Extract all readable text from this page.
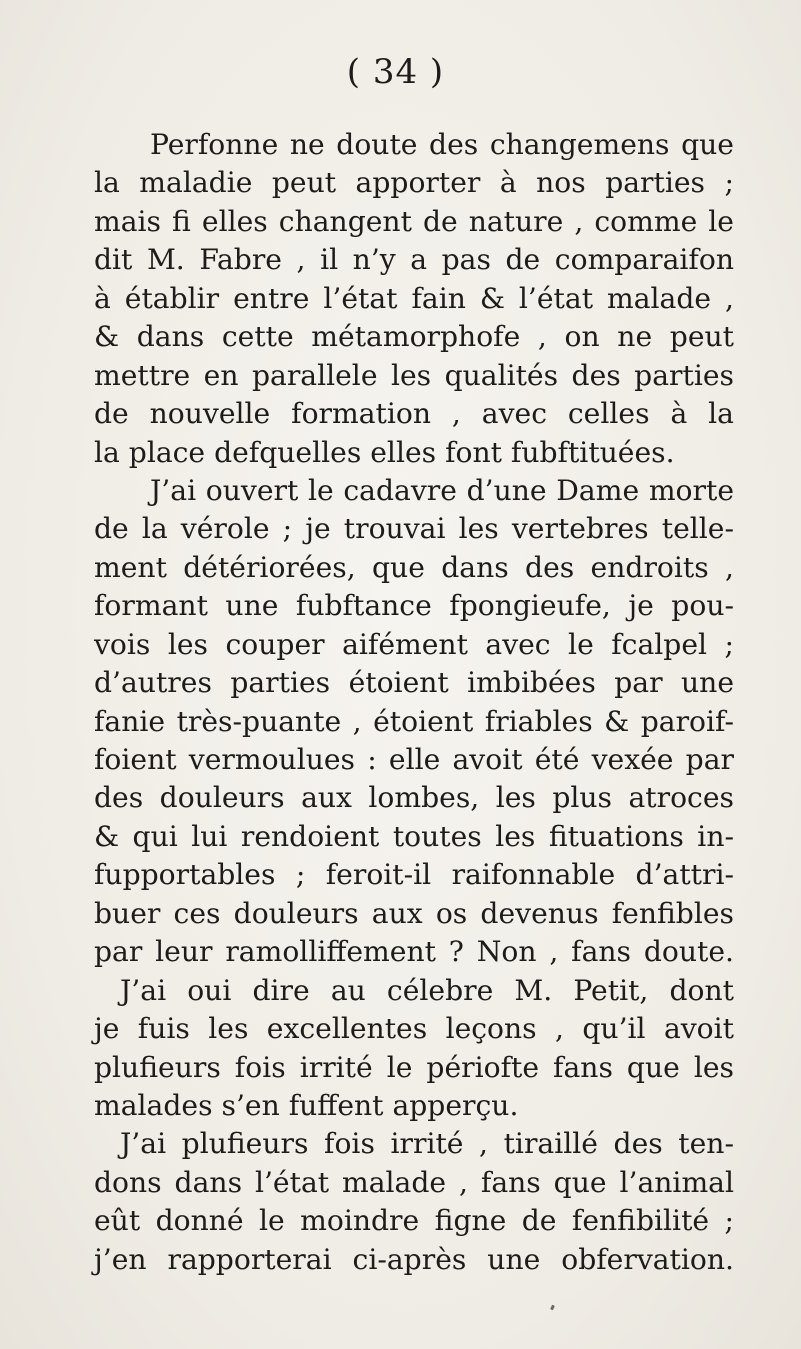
( 34 )
Perfonne ne doute des changemens que
la maladie peut apporter à nos parties ;
mais fi elles changent de nature , comme le
dit M. Fabre , il n’y a pas de comparaifon
à établir entre l’état fain & l’état malade ,
& dans cette métamorphofe , on ne peut
mettre en parallele les qualités des parties
de nouvelle formation , avec celles à la
la place defquelles elles font fubftituées.
J’ai ouvert le cadavre d’une Dame morte
de la vérole ; je trouvai les vertebres telle-
ment détériorées, que dans des endroits ,
formant une fubftance fpongieufe, je pou-
vois les couper aifément avec le fcalpel ;
d’autres parties étoient imbibées par une
fanie très-puante , étoient friables & paroif-
foient vermoulues : elle avoit été vexée par
des douleurs aux lombes, les plus atroces
& qui lui rendoient toutes les fituations in-
fupportables ; feroit-il raifonnable d’attri-
buer ces douleurs aux os devenus fenfibles
par leur ramolliffement ? Non , fans doute.
J’ai oui dire au célebre M. Petit, dont
je fuis les excellentes leçons , qu’il avoit
plufieurs fois irrité le périofte fans que les
malades s’en fuffent apperçu.
J’ai plufieurs fois irrité , tiraillé des ten-
dons dans l’état malade , fans que l’animal
eût donné le moindre figne de fenfibilité ;
j’en rapporterai ci-après une obfervation.
